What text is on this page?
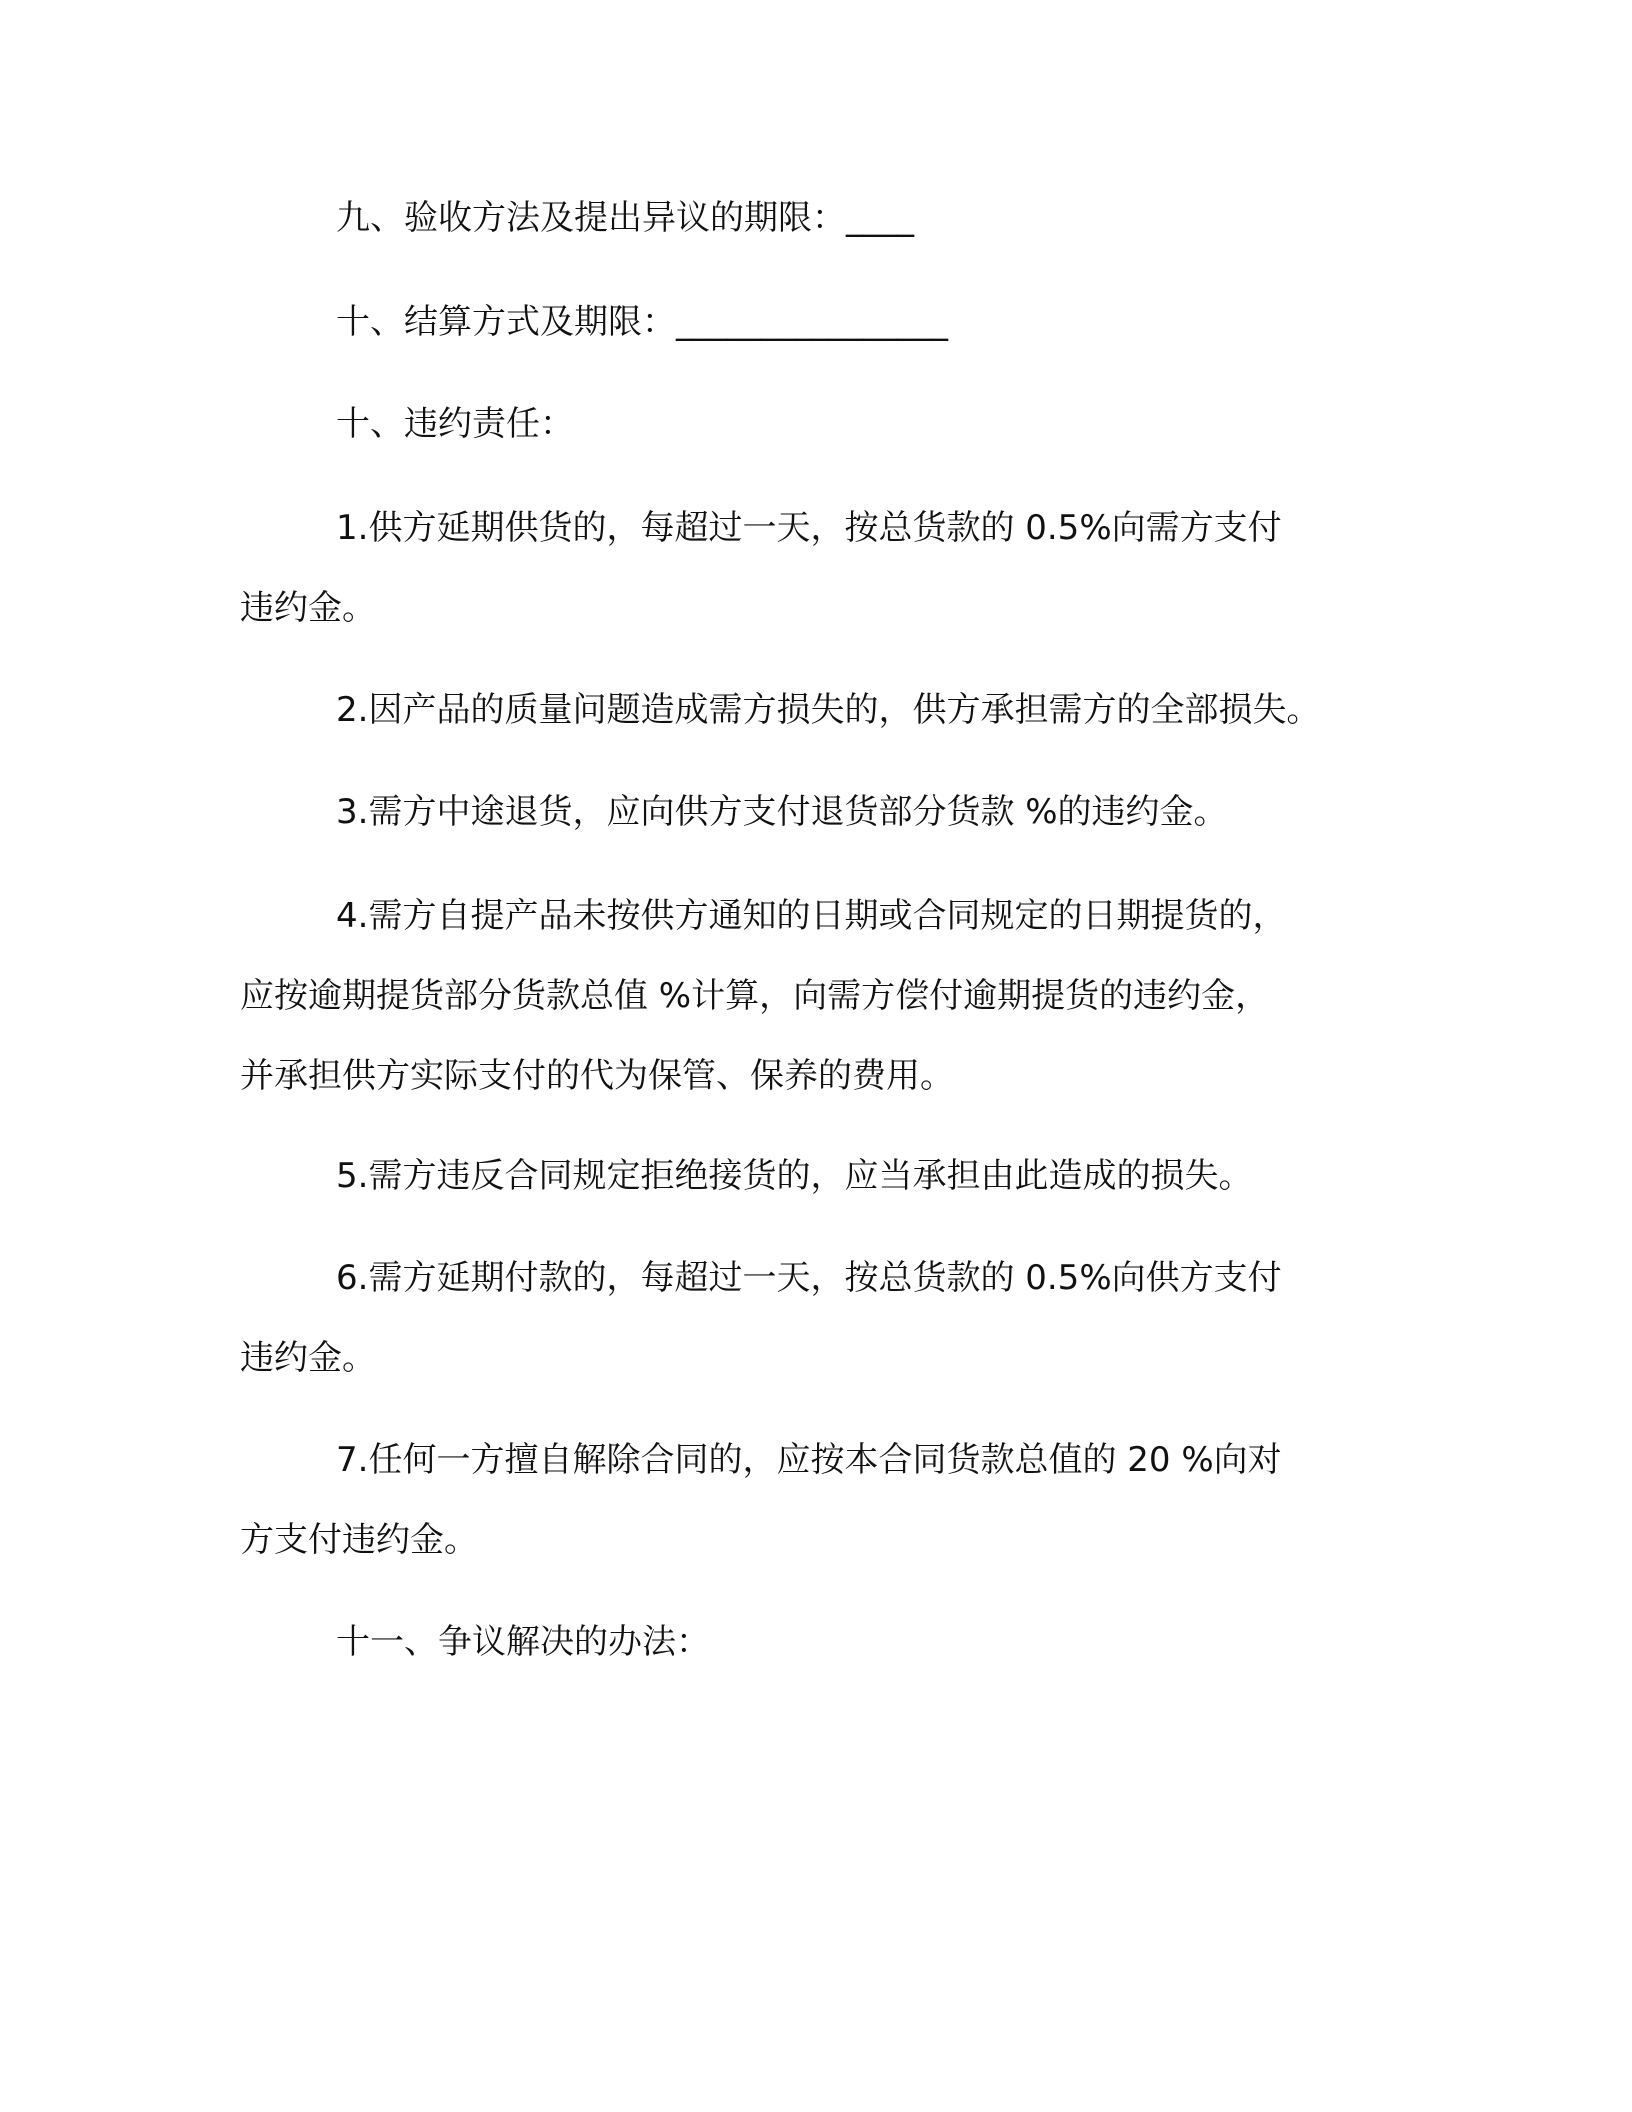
九、验收方法及提出异议的期限：____

十、结算方式及期限：________________

十、违约责任：

1.供方延期供货的，每超过一天，按总货款的 0.5%向需方支付
违约金。

2.因产品的质量问题造成需方损失的，供方承担需方的全部损失。

3.需方中途退货，应向供方支付退货部分货款 %的违约金。

4.需方自提产品未按供方通知的日期或合同规定的日期提货的，
应按逾期提货部分货款总值 %计算，向需方偿付逾期提货的违约金，
并承担供方实际支付的代为保管、保养的费用。

5.需方违反合同规定拒绝接货的，应当承担由此造成的损失。

6.需方延期付款的，每超过一天，按总货款的 0.5%向供方支付
违约金。

7.任何一方擅自解除合同的，应按本合同货款总值的 20 %向对
方支付违约金。

十一、争议解决的办法：
